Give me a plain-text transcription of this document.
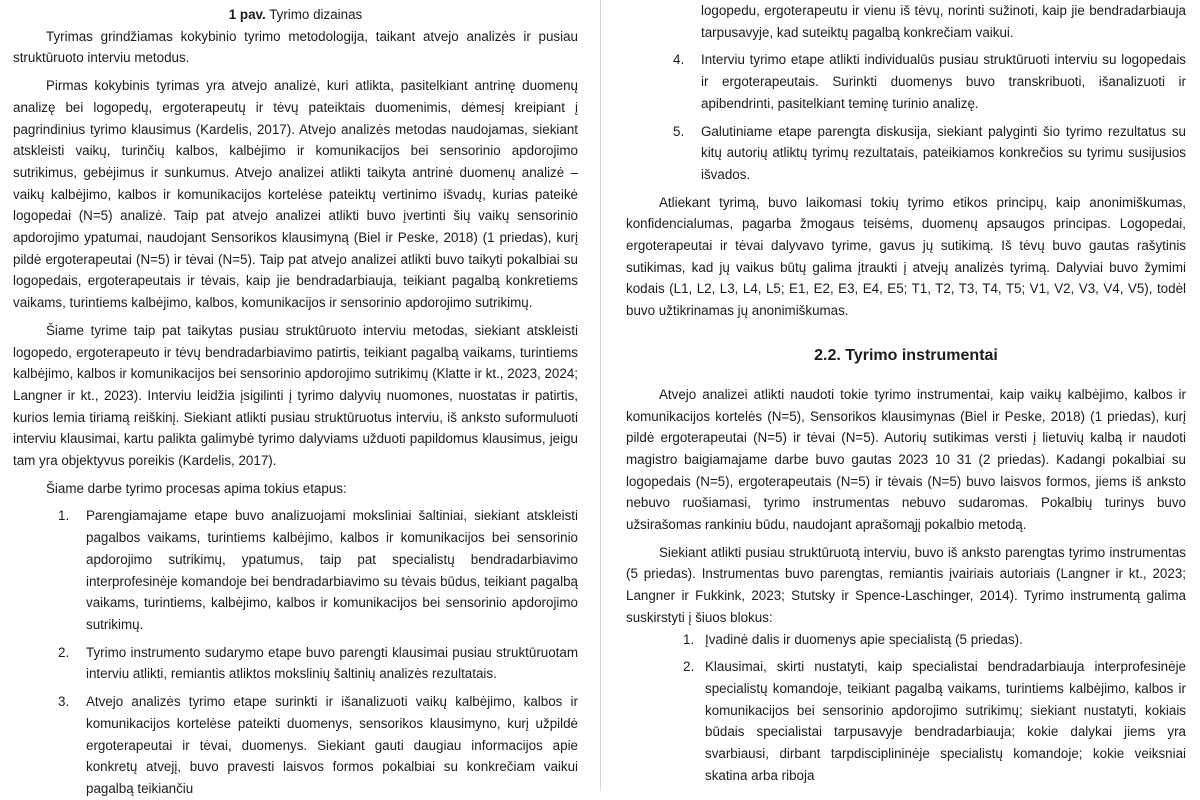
1 pav. Tyrimo dizainas

Tyrimas grindžiamas kokybinio tyrimo metodologija, taikant atvejo analizės ir pusiau struktūruoto interviu metodus.

Pirmas kokybinis tyrimas yra atvejo analizė, kuri atlikta, pasitelkiant antrinę duomenų analizę bei logopedų, ergoterapeutų ir tėvų pateiktais duomenimis, dėmesį kreipiant į pagrindinius tyrimo klausimus (Kardelis, 2017). Atvejo analizės metodas naudojamas, siekiant atskleisti vaikų, turinčių kalbos, kalbėjimo ir komunikacijos bei sensorinio apdorojimo sutrikimus, gebėjimus ir sunkumus. Atvejo analizei atlikti taikyta antrinė duomenų analizė – vaikų kalbėjimo, kalbos ir komunikacijos kortelėse pateiktų vertinimo išvadų, kurias pateikė logopedai (N=5) analizė. Taip pat atvejo analizei atlikti buvo įvertinti šių vaikų sensorinio apdorojimo ypatumai, naudojant Sensorikos klausimyną (Biel ir Peske, 2018) (1 priedas), kurį pildė ergoterapeutai (N=5) ir tėvai (N=5). Taip pat atvejo analizei atlikti buvo taikyti pokalbiai su logopedais, ergoterapeutais ir tėvais, kaip jie bendradarbiauja, teikiant pagalbą konkretiems vaikams, turintiems kalbėjimo, kalbos, komunikacijos ir sensorinio apdorojimo sutrikimų.

Šiame tyrime taip pat taikytas pusiau struktūruoto interviu metodas, siekiant atskleisti logopedo, ergoterapeuto ir tėvų bendradarbiavimo patirtis, teikiant pagalbą vaikams, turintiems kalbėjimo, kalbos ir komunikacijos bei sensorinio apdorojimo sutrikimų (Klatte ir kt., 2023, 2024; Langner ir kt., 2023). Interviu leidžia įsigilinti į tyrimo dalyvių nuomones, nuostatas ir patirtis, kurios lemia tiriamą reiškinį. Siekiant atlikti pusiau struktūruotus interviu, iš anksto suformuluoti interviu klausimai, kartu palikta galimybė tyrimo dalyviams užduoti papildomus klausimus, jeigu tam yra objektyvus poreikis (Kardelis, 2017).

Šiame darbe tyrimo procesas apima tokius etapus:

1.	Parengiamajame etape buvo analizuojami moksliniai šaltiniai, siekiant atskleisti pagalbos vaikams, turintiems kalbėjimo, kalbos ir komunikacijos bei sensorinio apdorojimo sutrikimų, ypatumus, taip pat specialistų bendradarbiavimo interprofesinėje komandoje bei bendradarbiavimo su tėvais būdus, teikiant pagalbą vaikams, turintiems, kalbėjimo, kalbos ir komunikacijos bei sensorinio apdorojimo sutrikimų.
2.	Tyrimo instrumento sudarymo etape buvo parengti klausimai pusiau struktūruotam interviu atlikti, remiantis atliktos mokslinių šaltinių analizės rezultatais.
3.	Atvejo analizės tyrimo etape surinkti ir išanalizuoti vaikų kalbėjimo, kalbos ir komunikacijos kortelėse pateikti duomenys, sensorikos klausimyno, kurį užpildė ergoterapeutai ir tėvai, duomenys. Siekiant gauti daugiau informacijos apie konkretų atvejį, buvo pravesti laisvos formos pokalbiai su konkrečiam vaikui pagalbą teikiančiu
logopedu, ergoterapeutu ir vienu iš tėvų, norinti sužinoti, kaip jie bendradarbiauja tarpusavyje, kad suteiktų pagalbą konkrečiam vaikui.
4.	Interviu tyrimo etape atlikti individualūs pusiau struktūruoti interviu su logopedais ir ergoterapeutais. Surinkti duomenys buvo transkribuoti, išanalizuoti ir apibendrinti, pasitelkiant teminę turinio analizę.
5.	Galutiniame etape parengta diskusija, siekiant palyginti šio tyrimo rezultatus su kitų autorių atliktų tyrimų rezultatais, pateikiamos konkrečios su tyrimu susijusios išvados.

Atliekant tyrimą, buvo laikomasi tokių tyrimo etikos principų, kaip anonimiškumas, konfidencialumas, pagarba žmogaus teisėms, duomenų apsaugos principas. Logopedai, ergoterapeutai ir tėvai dalyvavo tyrime, gavus jų sutikimą. Iš tėvų buvo gautas rašytinis sutikimas, kad jų vaikus būtų galima įtraukti į atvejų analizės tyrimą. Dalyviai buvo žymimi kodais (L1, L2, L3, L4, L5; E1, E2, E3, E4, E5; T1, T2, T3, T4, T5; V1, V2, V3, V4, V5), todėl buvo užtikrinamas jų anonimiškumas.

2.2. Tyrimo instrumentai

Atvejo analizei atlikti naudoti tokie tyrimo instrumentai, kaip vaikų kalbėjimo, kalbos ir komunikacijos kortelės (N=5), Sensorikos klausimynas (Biel ir Peske, 2018) (1 priedas), kurį pildė ergoterapeutai (N=5) ir tėvai (N=5). Autorių sutikimas versti į lietuvių kalbą ir naudoti magistro baigiamajame darbe buvo gautas 2023 10 31 (2 priedas). Kadangi pokalbiai su logopedais (N=5), ergoterapeutais (N=5) ir tėvais (N=5) buvo laisvos formos, jiems iš anksto nebuvo ruošiamasi, tyrimo instrumentas nebuvo sudaromas. Pokalbių turinys buvo užsirašomas rankiniu būdu, naudojant aprašomąjį pokalbio metodą.

Siekiant atlikti pusiau struktūruotą interviu, buvo iš anksto parengtas tyrimo instrumentas (5 priedas). Instrumentas buvo parengtas, remiantis įvairiais autoriais (Langner ir kt., 2023; Langner ir Fukkink, 2023; Stutsky ir Spence-Laschinger, 2014). Tyrimo instrumentą galima suskirstyti į šiuos blokus:

1. Įvadinė dalis ir duomenys apie specialistą (5 priedas).
2. Klausimai, skirti nustatyti, kaip specialistai bendradarbiauja interprofesinėje specialistų komandoje, teikiant pagalbą vaikams, turintiems kalbėjimo, kalbos ir komunikacijos bei sensorinio apdorojimo sutrikimų; siekiant nustatyti, kokiais būdais specialistai tarpusavyje bendradarbiauja; kokie dalykai jiems yra svarbiausi, dirbant tarpdisciplininėje specialistų komandoje; kokie veiksniai skatina arba riboja
